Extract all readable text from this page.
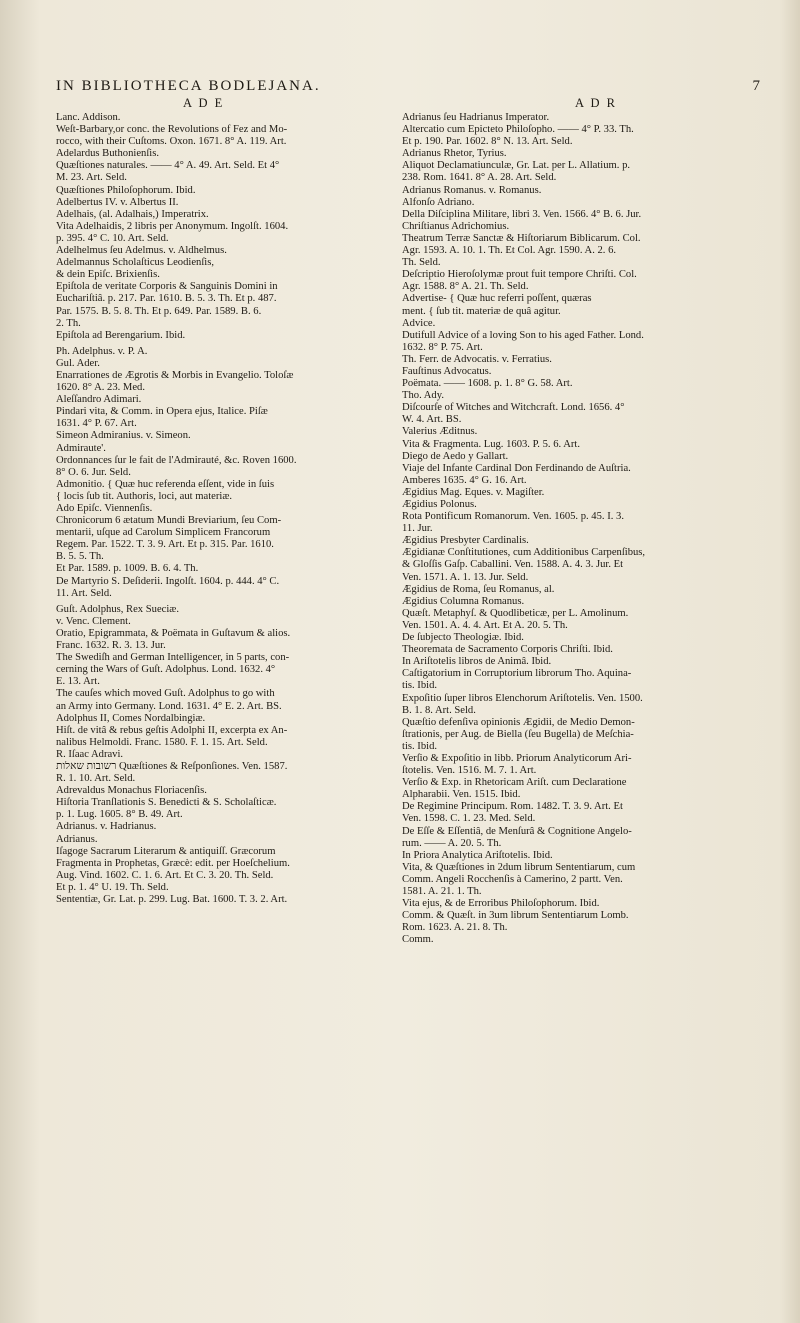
IN BIBLIOTHECA BODLEJANA.	7
A D E	A D R
Lanc. Addison.
Weſt-Barbary,or conc. the Revolutions of Fez and Mo-
rocco, with their Cuſtoms. Oxon. 1671. 8° A. 119. Art.
Adelardus Buthonienſis.
Quæſtiones naturales. —— 4° A. 49. Art. Seld. Et 4°
M. 23. Art. Seld.
Quæſtiones Philoſophorum. Ibid.
Adelbertus IV. v. Albertus II.
Adelhais, (al. Adalhais,) Imperatrix.
Vita Adelhaidis, 2 libris per Anonymum. Ingolſt. 1604.
p. 395. 4° C. 10. Art. Seld.
Adelhelmus ſeu Adelmus. v. Aldhelmus.
Adelmannus Scholaſticus Leodienſis,
& dein Epiſc. Brixienſis.
Epiſtola de veritate Corporis & Sanguinis Domini in
Euchariſtiâ. p. 217. Par. 1610. B. 5. 3. Th. Et p. 487.
Par. 1575. B. 5. 8. Th. Et p. 649. Par. 1589. B. 6.
2. Th.
Epiſtola ad Berengarium. Ibid.
Ph. Adelphus. v. P. A.
Gul. Ader.
Enarrationes de Ægrotis & Morbis in Evangelio. Toloſæ
1620. 8° A. 23. Med.
Aleſſandro Adimari.
Pindari vita, & Comm. in Opera ejus, Italice. Piſæ
1631. 4° P. 67. Art.
Simeon Admiranius. v. Simeon.
Admiraute'.
Ordonnances ſur le fait de l'Admirauté, &c. Roven 1600.
8° O. 6. Jur. Seld.
Admonitio. { Quæ huc referenda eſſent, vide in ſuis
{ locis ſub tit. Authoris, loci, aut materiæ.
Ado Epiſc. Viennenſis.
Chronicorum 6 ætatum Mundi Breviarium, ſeu Com-
mentarii, uſque ad Carolum Simplicem Francorum
Regem. Par. 1522. T. 3. 9. Art. Et p. 315. Par. 1610.
B. 5. 5. Th.
Et Par. 1589. p. 1009. B. 6. 4. Th.
De Martyrio S. Deſiderii. Ingolſt. 1604. p. 444. 4° C.
11. Art. Seld.
Guſt. Adolphus, Rex Sueciæ.
v. Venc. Clement.
Oratio, Epigrammata, & Poëmata in Guſtavum & alios.
Franc. 1632. R. 3. 13. Jur.
The Swediſh and German Intelligencer, in 5 parts, con-
cerning the Wars of Guſt. Adolphus. Lond. 1632. 4°
E. 13. Art.
The cauſes which moved Guſt. Adolphus to go with
an Army into Germany. Lond. 1631. 4° E. 2. Art. BS.
Adolphus II, Comes Nordalbingiæ.
Hiſt. de vitâ & rebus geſtis Adolphi II, excerpta ex An-
nalibus Helmoldi. Franc. 1580. F. 1. 15. Art. Seld.
R. Iſaac Adravi.
רשובות שאלות Quæſtiones & Reſponſiones. Ven. 1587.
R. 1. 10. Art. Seld.
Adrevaldus Monachus Floriacenſis.
Hiſtoria Tranſlationis S. Benedicti & S. Scholaſticæ.
p. 1. Lug. 1605. 8° B. 49. Art.
Adrianus. v. Hadrianus.
Adrianus.
Iſagoge Sacrarum Literarum & antiquiſſ. Græcorum
Fragmenta in Prophetas, Græcè: edit. per Hoeſchelium.
Aug. Vind. 1602. C. 1. 6. Art. Et C. 3. 20. Th. Seld.
Et p. 1. 4° U. 19. Th. Seld.
Sententiæ, Gr. Lat. p. 299. Lug. Bat. 1600. T. 3. 2. Art.
Adrianus ſeu Hadrianus Imperator.
Altercatio cum Epicteto Philoſopho. —— 4° P. 33. Th.
Et p. 190. Par. 1602. 8° N. 13. Art. Seld.
Adrianus Rhetor, Tyrius.
Aliquot Declamatiunculæ, Gr. Lat. per L. Allatium. p.
238. Rom. 1641. 8° A. 28. Art. Seld.
Adrianus Romanus. v. Romanus.
Alfonſo Adriano.
Della Diſciplina Militare, libri 3. Ven. 1566. 4° B. 6. Jur.
Chriſtianus Adrichomius.
Theatrum Terræ Sanctæ & Hiſtoriarum Biblicarum. Col.
Agr. 1593. A. 10. 1. Th. Et Col. Agr. 1590. A. 2. 6.
Th. Seld.
Deſcriptio Hieroſolymæ prout fuit tempore Chriſti. Col.
Agr. 1588. 8° A. 21. Th. Seld.
Advertise- { Quæ huc referri poſſent, quæras
ment. { ſub tit. materiæ de quâ agitur.
Advice.
Dutifull Advice of a loving Son to his aged Father. Lond.
1632. 8° P. 75. Art.
Th. Ferr. de Advocatis. v. Ferratius.
Fauſtinus Advocatus.
Poëmata. —— 1608. p. 1. 8° G. 58. Art.
Tho. Ady.
Diſcourſe of Witches and Witchcraft. Lond. 1656. 4°
W. 4. Art. BS.
Valerius Æditnus.
Vita & Fragmenta. Lug. 1603. P. 5. 6. Art.
Diego de Aedo y Gallart.
Viaje del Infante Cardinal Don Ferdinando de Auſtria.
Amberes 1635. 4° G. 16. Art.
Ægidius Mag. Eques. v. Magiſter.
Ægidius Polonus.
Rota Pontificum Romanorum. Ven. 1605. p. 45. I. 3.
11. Jur.
Ægidius Presbyter Cardinalis.
Ægidianæ Conſtitutiones, cum Additionibus Carpenſibus,
& Gloſſis Gaſp. Caballini. Ven. 1588. A. 4. 3. Jur. Et
Ven. 1571. A. 1. 13. Jur. Seld.
Ægidius de Roma, ſeu Romanus, al.
Ægidius Columna Romanus.
Quæſt. Metaphyſ. & Quodlibeticæ, per L. Amolinum.
Ven. 1501. A. 4. 4. Art. Et A. 20. 5. Th.
De ſubjecto Theologiæ. Ibid.
Theoremata de Sacramento Corporis Chriſti. Ibid.
In Ariſtotelis libros de Animâ. Ibid.
Caſtigatorium in Corruptorium librorum Tho. Aquina-
tis. Ibid.
Expoſitio ſuper libros Elenchorum Ariſtotelis. Ven. 1500.
B. 1. 8. Art. Seld.
Quæſtio defenſiva opinionis Ægidii, de Medio Demon-
ſtrationis, per Aug. de Biella (ſeu Bugella) de Meſchia-
tis. Ibid.
Verſio & Expoſitio in libb. Priorum Analyticorum Ari-
ſtotelis. Ven. 1516. M. 7. 1. Art.
Verſio & Exp. in Rhetoricam Ariſt. cum Declaratione
Alpharabii. Ven. 1515. Ibid.
De Regimine Principum. Rom. 1482. T. 3. 9. Art. Et
Ven. 1598. C. 1. 23. Med. Seld.
De Eſſe & Eſſentiâ, de Menſurâ & Cognitione Angelo-
rum. —— A. 20. 5. Th.
In Priora Analytica Ariſtotelis. Ibid.
Vita, & Quæſtiones in 2dum librum Sententiarum, cum
Comm. Angeli Rocchenſis à Camerino, 2 partt. Ven.
1581. A. 21. 1. Th.
Vita ejus, & de Erroribus Philoſophorum. Ibid.
Comm. & Quæſt. in 3um librum Sententiarum Lomb.
Rom. 1623. A. 21. 8. Th.
Comm.
